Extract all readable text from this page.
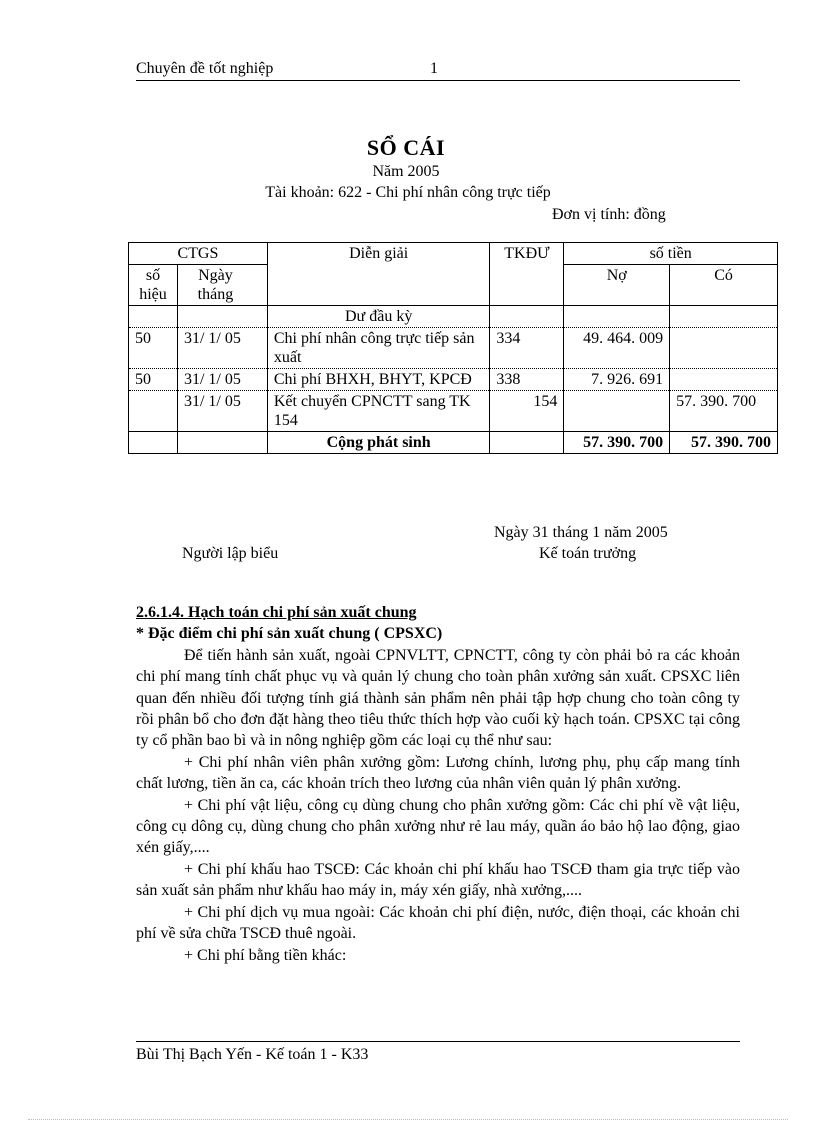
Chuyên đề tốt nghiệp	1
SỔ CÁI
Năm 2005
Tài khoản: 622 - Chi phí nhân công trực tiếp
Đơn vị tính: đồng
CTGS		Diễn giải	TKĐƯ	số tiền	
số hiệu	Ngày tháng			Nợ	Có
		Dư đầu kỳ			
50	31/ 1/ 05	Chi phí nhân công trực tiếp sản xuất	334	49. 464. 009	
50	31/ 1/ 05	Chi phí BHXH, BHYT, KPCĐ	338	7. 926. 691	
	31/ 1/ 05	Kết chuyển CPNCTT sang TK 154	154		57. 390. 700
		Cộng phát sinh		57. 390. 700	57. 390. 700
Ngày 31 tháng 1 năm 2005
Người lập biểu	Kế toán trưởng

2.6.1.4. Hạch toán chi phí sản xuất chung

* Đặc điểm chi phí sản xuất chung ( CPSXC)

Để tiến hành sản xuất, ngoài CPNVLTT, CPNCTT, công ty còn phải bỏ ra các khoản chi phí mang tính chất phục vụ và quản lý chung cho toàn phân xưởng sản xuất. CPSXC liên quan đến nhiều đối tượng tính giá thành sản phẩm nên phải tập hợp chung cho toàn công ty rồi phân bổ cho đơn đặt hàng theo tiêu thức thích hợp vào cuối kỳ hạch toán. CPSXC tại công ty cổ phần bao bì và in nông nghiệp gồm các loại cụ thể như sau:

+ Chi phí nhân viên phân xưởng gồm: Lương chính, lương phụ, phụ cấp mang tính chất lương, tiền ăn ca, các khoản trích theo lương của nhân viên quản lý phân xưởng.

+ Chi phí vật liệu, công cụ dùng chung cho phân xưởng gồm: Các chi phí về vật liệu, công cụ dông cụ, dùng chung cho phân xưởng như rẻ lau máy, quần áo bảo hộ lao động, giao xén giấy,....

+ Chi phí khấu hao TSCĐ: Các khoản chi phí khấu hao TSCĐ tham gia trực tiếp vào sản xuất sản phẩm như khấu hao máy in, máy xén giấy, nhà xưởng,....

+ Chi phí dịch vụ mua ngoài: Các khoản chi phí điện, nước, điện thoại, các khoản chi phí về sửa chữa TSCĐ thuê ngoài.

+ Chi phí bằng tiền khác:

Bùi Thị Bạch Yến - Kế toán 1 - K33
